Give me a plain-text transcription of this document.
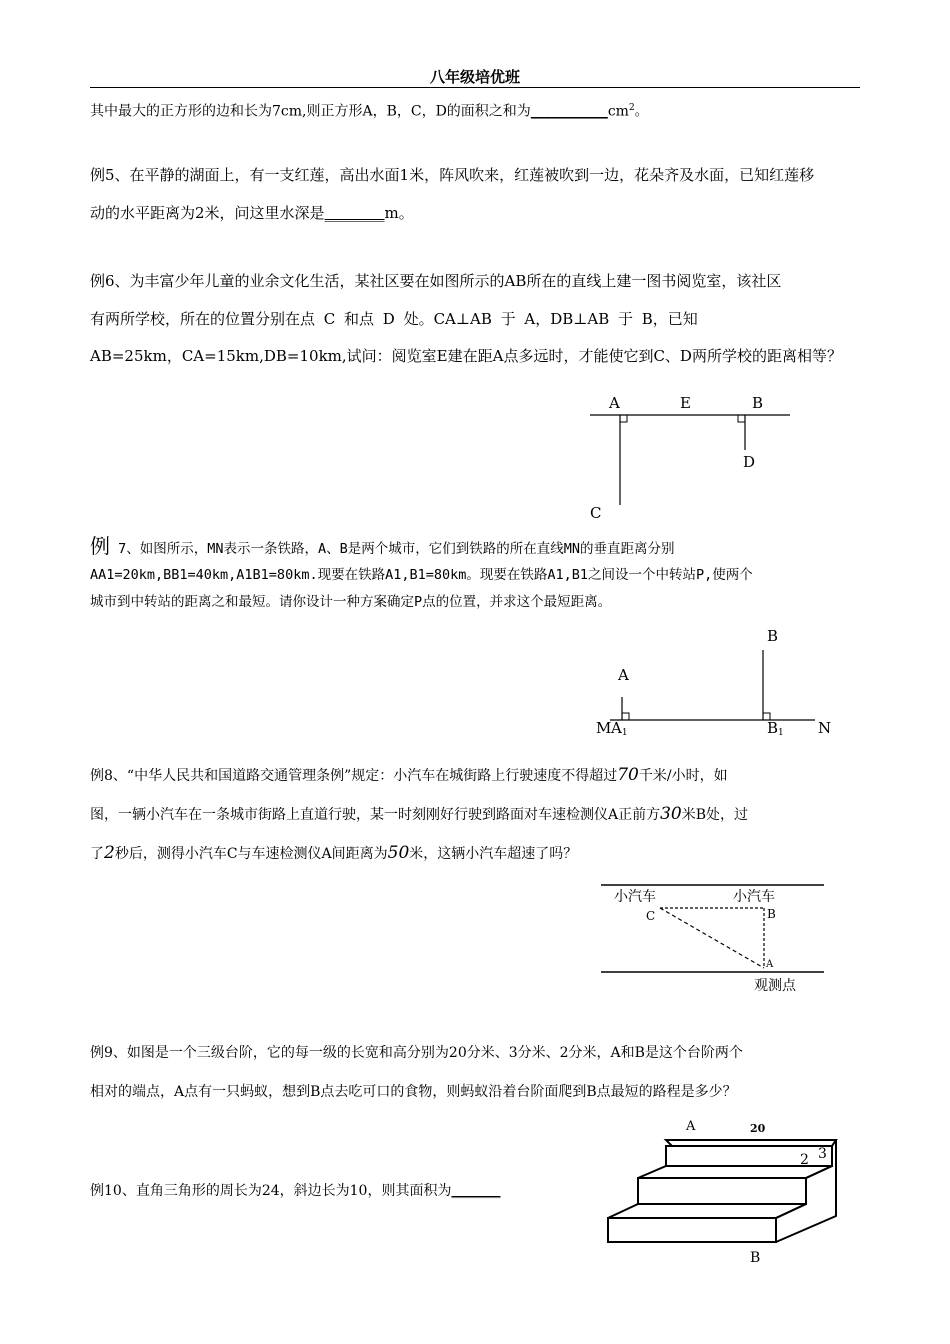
八年级培优班
其中最大的正方形的边和长为7cm,则正方形A，B，C，D的面积之和为$\_\_\_\_\_\_\_\_\_\_\_cm^2$。
例5、在平静的湖面上，有一支红莲，高出水面1米，阵风吹来，红莲被吹到一边，花朵齐及水面，已知红莲移
动的水平距离为2米，问这里水深是________m。
例6、为丰富少年儿童的业余文化生活，某社区要在如图所示的AB所在的直线上建一图书阅览室，该社区
有两所学校，所在的位置分别在点 C 和点 D 处。CA⊥AB 于 A，DB⊥AB 于 B，已知
AB=25km，CA=15km,DB=10km,试问：阅览室E建在距A点多远时，才能使它到C、D两所学校的距离相等？
A	E	B
D
C
例 7、如图所示，MN表示一条铁路，A、B是两个城市，它们到铁路的所在直线MN的垂直距离分别
AA1=20km,BB1=40km,A1B1=80km.现要在铁路A1,B1=80km。现要在铁路A1,B1之间设一个中转站P,使两个
城市到中转站的距离之和最短。请你设计一种方案确定P点的位置，并求这个最短距离。
B
A
M A1	B1 N
例8、“中华人民共和国道路交通管理条例”规定：小汽车在城街路上行驶速度不得超过70千米/小时，如
图，一辆小汽车在一条城市街路上直道行驶，某一时刻刚好行驶到路面对车速检测仪A正前方30米B处，过
了2秒后，测得小汽车C与车速检测仪A间距离为50米，这辆小汽车超速了吗？
小汽车	小汽车
C	B
A
观测点
例9、如图是一个三级台阶，它的每一级的长宽和高分别为20分米、3分米、2分米，A和B是这个台阶两个
相对的端点，A点有一只蚂蚁，想到B点去吃可口的食物，则蚂蚁沿着台阶面爬到B点最短的路程是多少？
例10、直角三角形的周长为24，斜边长为10，则其面积为_______
A	20
2 3
B
